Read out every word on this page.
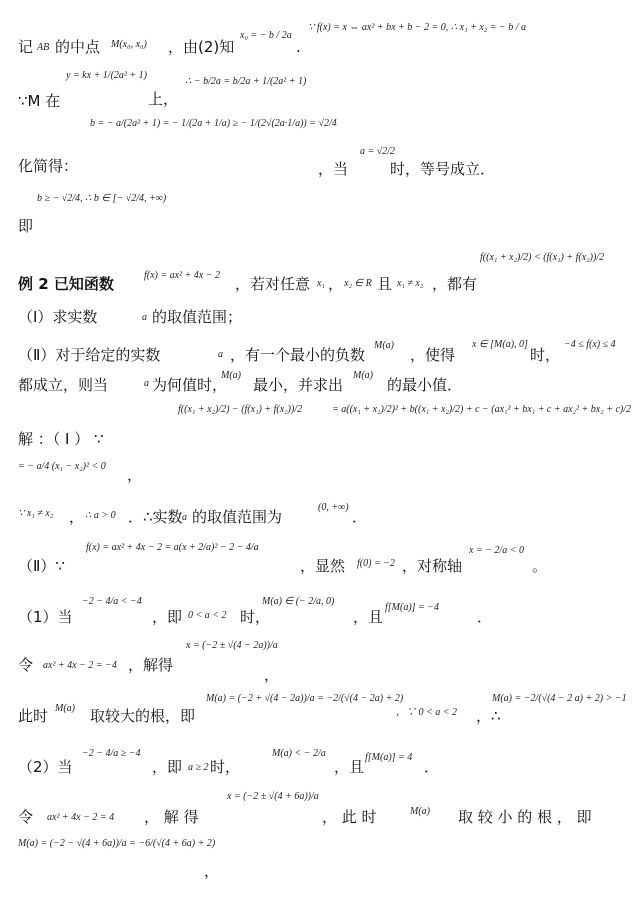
记 AB 的中点 M(x₀, x₀) ，由(2)知
x₀ = − b / 2a
.
∵ f(x) = x ⇔ ax² + bx + b − 2 = 0, ∴ x₁ + x₂ = − b / a
∵M 在
y = kx + 1/(2a² + 1)
上，
∴ − b/2a = b/2a + 1/(2a² + 1)
b = − a/(2a² + 1) = − 1/(2a + 1/a) ≥ − 1/(2√(2a·1/a)) = √2/4
化简得：	，当
a = √2/2
时，等号成立．
b ≥ − √2/4, ∴ b ∈ [− √2/4, +∞)
即
例 2 已知函数	f(x) = ax² + 4x − 2 ，若对任意 x₁ ， x₂ ∈ R 且 x₁ ≠ x₂ ，都有
f((x₁ + x₂)/2) < (f(x₁) + f(x₂))/2
（Ⅰ）求实数	a 的取值范围；
（Ⅱ）对于给定的实数	a ，有一个最小的负数
M(a)
，使得
x ∈ [M(a), 0]
时，
−4 ≤ f(x) ≤ 4
都成立，则当	a 为何值时，
M(a)
最小，并求出
M(a)
的最小值．
解 ：（ Ⅰ ） ∵
f((x₁ + x₂)/2) − (f(x₁) + f(x₂))/2	= a((x₁ + x₂)/2)² + b((x₁ + x₂)/2) + c − (ax₁² + bx₁ + c + ax₂² + bx₂ + c)/2
= − a/4 (x₁ − x₂)² < 0 ，
∵ x₁ ≠ x₂ ， ∴ a > 0 ．∴实数 a 的取值范围为
(0, +∞)
．
（Ⅱ）∵
f(x) = ax² + 4x − 2 = a(x + 2/a)² − 2 − 4/a
，显然 f(0) = −2 ，对称轴
x = − 2/a < 0
。
（1）当
−2 − 4/a < −4
，即 0 < a < 2 时，
M(a) ∈ (− 2/a, 0)
，且
f[M(a)] = −4
．
令 ax² + 4x − 2 = −4 ，解得
x = (−2 ± √(4 − 2a))/a
，
此时 M(a) 取较大的根，即
M(a) = (−2 + √(4 − 2a))/a = −2/(√(4 − 2a) + 2)
，∵ 0 < a < 2 ，∴
M(a) = −2/(√(4 − 2 a) + 2) > −1
（2）当
−2 − 4/a ≥ −4
，即 a ≥ 2 时，
M(a) < − 2/a
，且
f[M(a)] = 4
．
令 ax² + 4x − 2 = 4 ， 解 得
x = (−2 ± √(4 + 6a))/a
， 此 时	M(a) 取 较 小 的 根 ， 即
M(a) = (−2 − √(4 + 6a))/a = −6/(√(4 + 6a) + 2)
，
